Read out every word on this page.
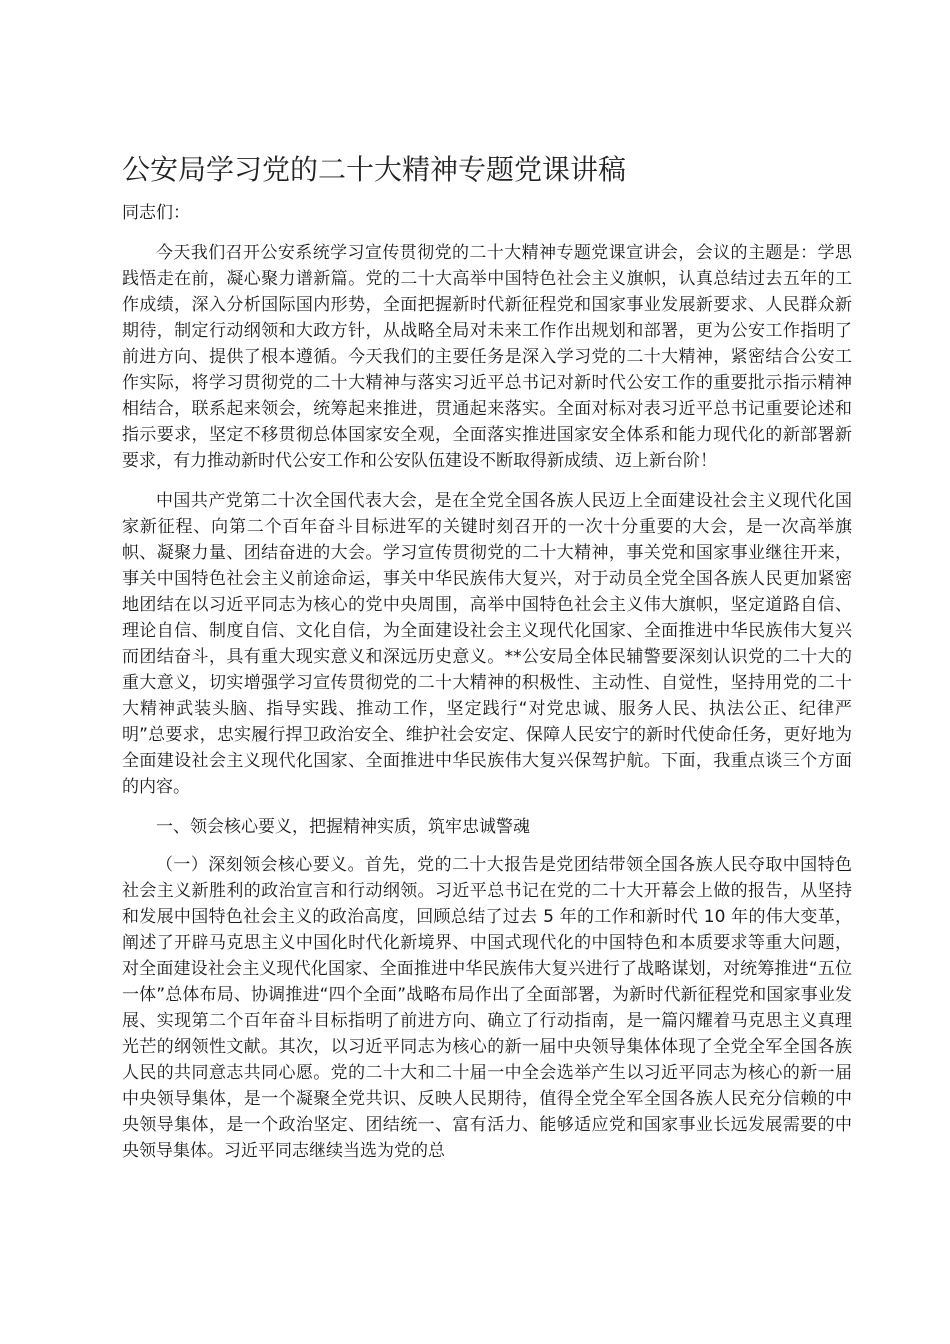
公安局学习党的二十大精神专题党课讲稿

同志们：

今天我们召开公安系统学习宣传贯彻党的二十大精神专题党课宣讲会，会议的主题是：学思践悟走在前，凝心聚力谱新篇。党的二十大高举中国特色社会主义旗帜，认真总结过去五年的工作成绩，深入分析国际国内形势，全面把握新时代新征程党和国家事业发展新要求、人民群众新期待，制定行动纲领和大政方针，从战略全局对未来工作作出规划和部署，更为公安工作指明了前进方向、提供了根本遵循。今天我们的主要任务是深入学习党的二十大精神，紧密结合公安工作实际，将学习贯彻党的二十大精神与落实习近平总书记对新时代公安工作的重要批示指示精神相结合，联系起来领会，统筹起来推进，贯通起来落实。全面对标对表习近平总书记重要论述和指示要求，坚定不移贯彻总体国家安全观，全面落实推进国家安全体系和能力现代化的新部署新要求，有力推动新时代公安工作和公安队伍建设不断取得新成绩、迈上新台阶！

中国共产党第二十次全国代表大会，是在全党全国各族人民迈上全面建设社会主义现代化国家新征程、向第二个百年奋斗目标进军的关键时刻召开的一次十分重要的大会，是一次高举旗帜、凝聚力量、团结奋进的大会。学习宣传贯彻党的二十大精神，事关党和国家事业继往开来，事关中国特色社会主义前途命运，事关中华民族伟大复兴，对于动员全党全国各族人民更加紧密地团结在以习近平同志为核心的党中央周围，高举中国特色社会主义伟大旗帜，坚定道路自信、理论自信、制度自信、文化自信，为全面建设社会主义现代化国家、全面推进中华民族伟大复兴而团结奋斗，具有重大现实意义和深远历史意义。**公安局全体民辅警要深刻认识党的二十大的重大意义，切实增强学习宣传贯彻党的二十大精神的积极性、主动性、自觉性，坚持用党的二十大精神武装头脑、指导实践、推动工作，坚定践行“对党忠诚、服务人民、执法公正、纪律严明”总要求，忠实履行捍卫政治安全、维护社会安定、保障人民安宁的新时代使命任务，更好地为全面建设社会主义现代化国家、全面推进中华民族伟大复兴保驾护航。下面，我重点谈三个方面的内容。

一、领会核心要义，把握精神实质，筑牢忠诚警魂

（一）深刻领会核心要义。首先，党的二十大报告是党团结带领全国各族人民夺取中国特色社会主义新胜利的政治宣言和行动纲领。习近平总书记在党的二十大开幕会上做的报告，从坚持和发展中国特色社会主义的政治高度，回顾总结了过去 5 年的工作和新时代 10 年的伟大变革，阐述了开辟马克思主义中国化时代化新境界、中国式现代化的中国特色和本质要求等重大问题，对全面建设社会主义现代化国家、全面推进中华民族伟大复兴进行了战略谋划，对统筹推进“五位一体”总体布局、协调推进“四个全面”战略布局作出了全面部署，为新时代新征程党和国家事业发展、实现第二个百年奋斗目标指明了前进方向、确立了行动指南，是一篇闪耀着马克思主义真理光芒的纲领性文献。其次，以习近平同志为核心的新一届中央领导集体体现了全党全军全国各族人民的共同意志共同心愿。党的二十大和二十届一中全会选举产生以习近平同志为核心的新一届中央领导集体，是一个凝聚全党共识、反映人民期待，值得全党全军全国各族人民充分信赖的中央领导集体，是一个政治坚定、团结统一、富有活力、能够适应党和国家事业长远发展需要的中央领导集体。习近平同志继续当选为党的总
